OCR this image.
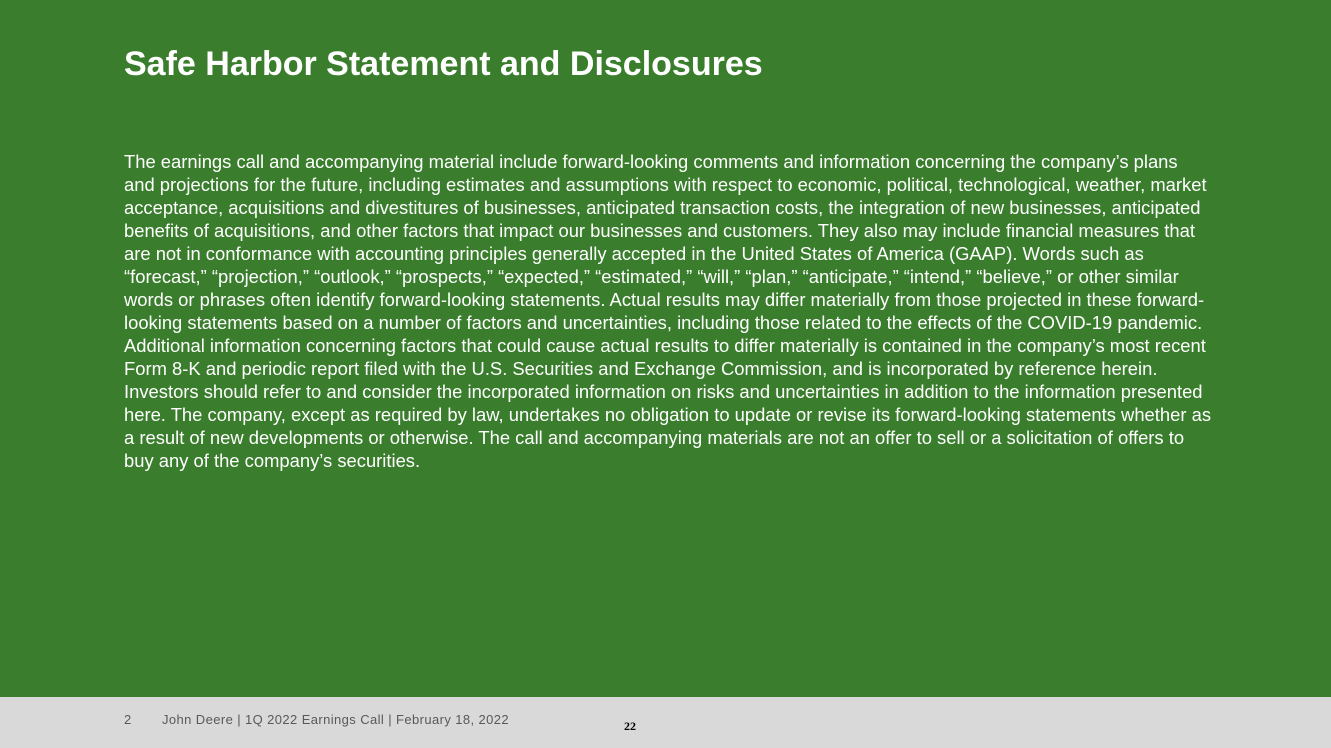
Safe Harbor Statement and Disclosures

The earnings call and accompanying material include forward-looking comments and information concerning the company’s plans and projections for the future, including estimates and assumptions with respect to economic, political, technological, weather, market acceptance, acquisitions and divestitures of businesses, anticipated transaction costs, the integration of new businesses, anticipated benefits of acquisitions, and other factors that impact our businesses and customers. They also may include financial measures that are not in conformance with accounting principles generally accepted in the United States of America (GAAP). Words such as “forecast,” “projection,” “outlook,” “prospects,” “expected,” “estimated,” “will,” “plan,” “anticipate,” “intend,” “believe,” or other similar words or phrases often identify forward-looking statements. Actual results may differ materially from those projected in these forward-looking statements based on a number of factors and uncertainties, including those related to the effects of the COVID-19 pandemic. Additional information concerning factors that could cause actual results to differ materially is contained in the company’s most recent Form 8-K and periodic report filed with the U.S. Securities and Exchange Commission, and is incorporated by reference herein. Investors should refer to and consider the incorporated information on risks and uncertainties in addition to the information presented here. The company, except as required by law, undertakes no obligation to update or revise its forward-looking statements whether as a result of new developments or otherwise. The call and accompanying materials are not an offer to sell or a solicitation of offers to buy any of the company’s securities.

2 John Deere | 1Q 2022 Earnings Call | February 18, 2022	22
